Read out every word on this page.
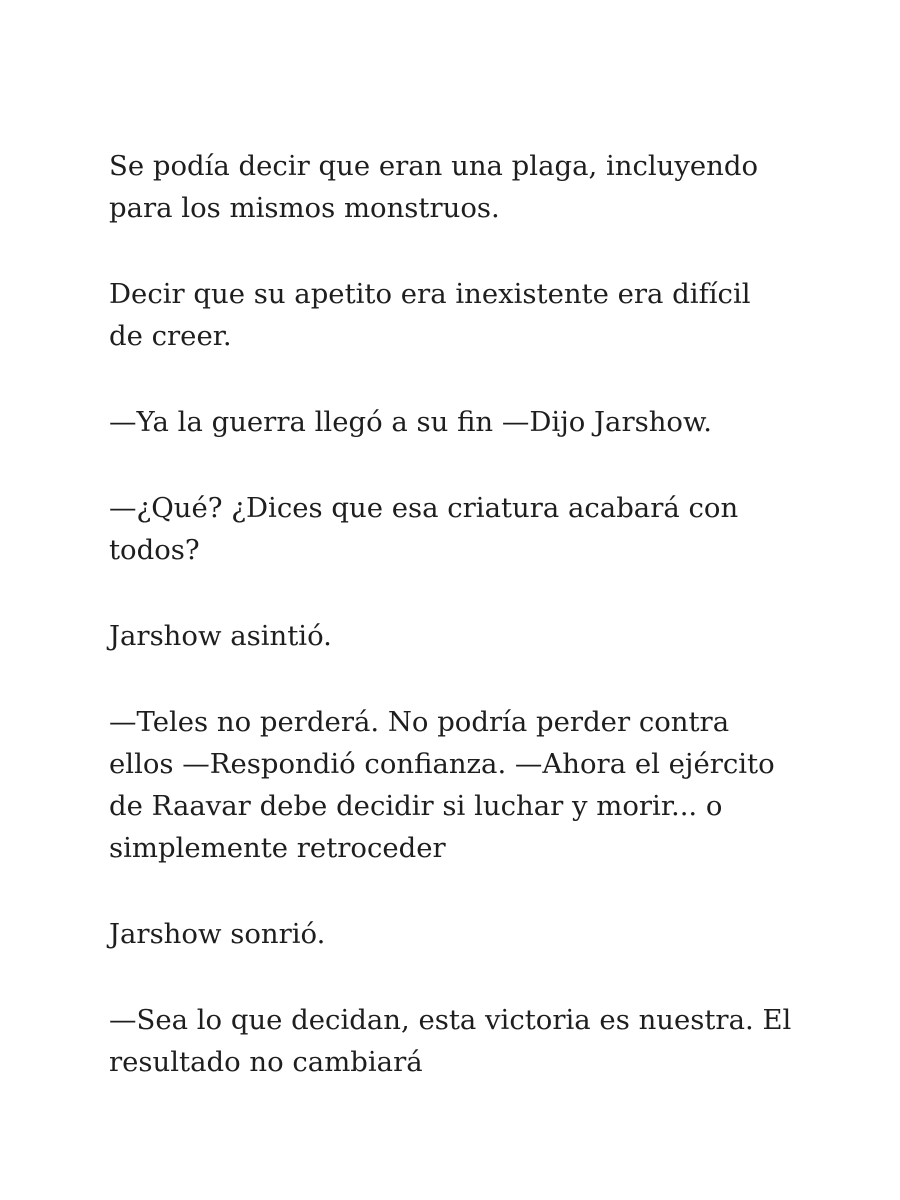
Se podía decir que eran una plaga, incluyendo
para los mismos monstruos.

Decir que su apetito era inexistente era difícil
de creer.

—Ya la guerra llegó a su fin —Dijo Jarshow.

—¿Qué? ¿Dices que esa criatura acabará con
todos?

Jarshow asintió.

—Teles no perderá. No podría perder contra
ellos —Respondió confianza. —Ahora el ejército
de Raavar debe decidir si luchar y morir... o
simplemente retroceder

Jarshow sonrió.

—Sea lo que decidan, esta victoria es nuestra. El
resultado no cambiará
